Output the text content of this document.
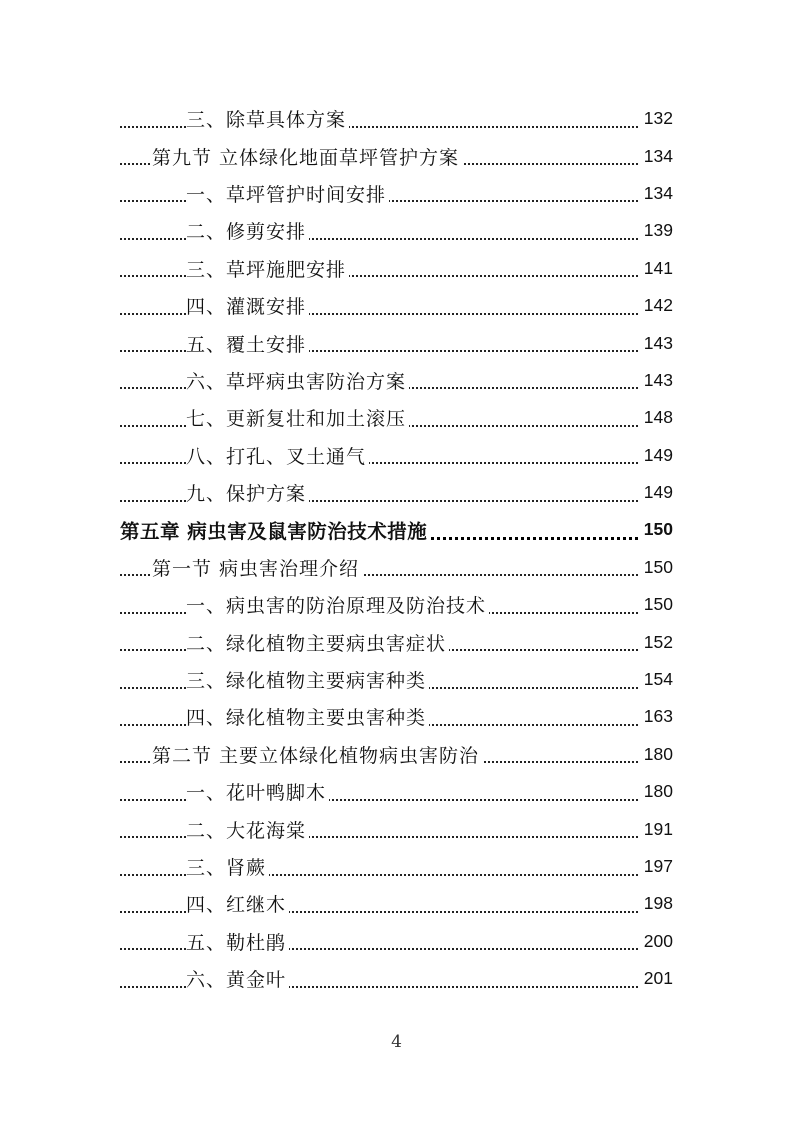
三、除草具体方案	132
第九节 立体绿化地面草坪管护方案	134
一、草坪管护时间安排	134
二、修剪安排	139
三、草坪施肥安排	141
四、灌溉安排	142
五、覆土安排	143
六、草坪病虫害防治方案	143
七、更新复壮和加土滚压	148
八、打孔、叉土通气	149
九、保护方案	149
第五章 病虫害及鼠害防治技术措施	150
第一节 病虫害治理介绍	150
一、病虫害的防治原理及防治技术	150
二、绿化植物主要病虫害症状	152
三、绿化植物主要病害种类	154
四、绿化植物主要虫害种类	163
第二节 主要立体绿化植物病虫害防治	180
一、花叶鸭脚木	180
二、大花海棠	191
三、肾蕨	197
四、红继木	198
五、勒杜鹃	200
六、黄金叶	201
4
